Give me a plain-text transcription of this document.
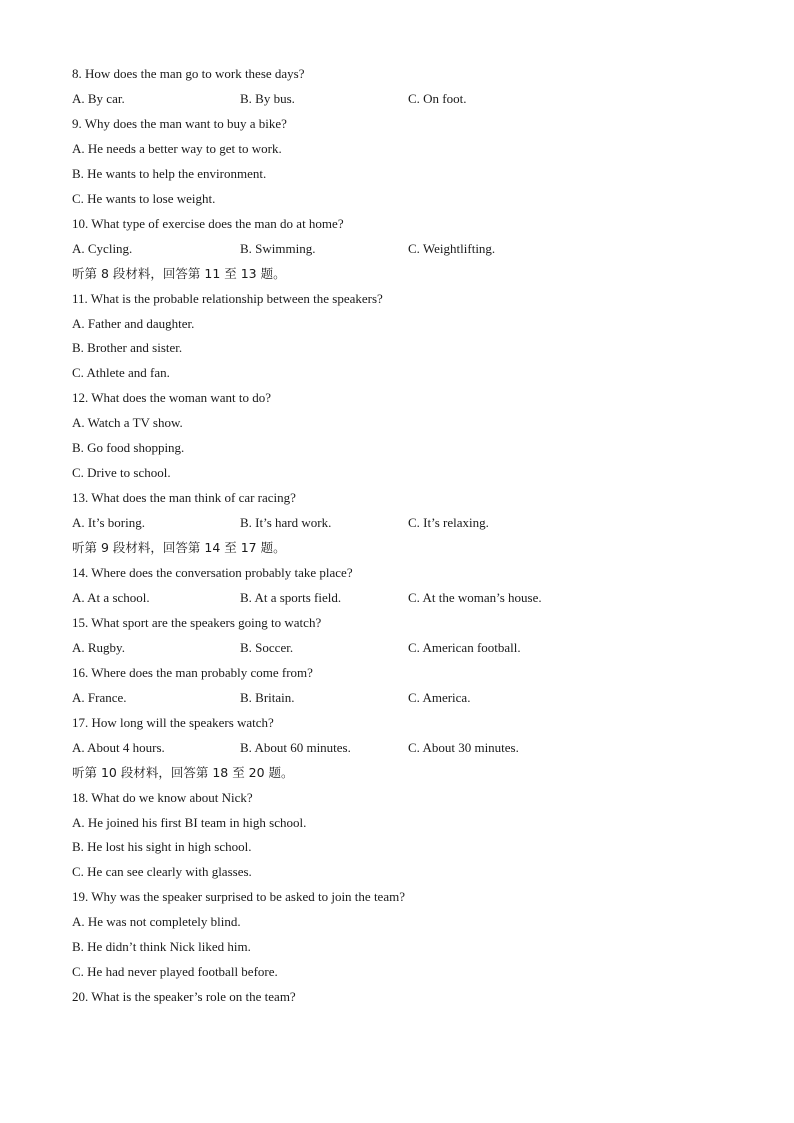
8. How does the man go to work these days?
A. By car.	B. By bus.	C. On foot.
9. Why does the man want to buy a bike?
A. He needs a better way to get to work.
B. He wants to help the environment.
C. He wants to lose weight.
10. What type of exercise does the man do at home?
A. Cycling.	B. Swimming.	C. Weightlifting.
听第 8 段材料，回答第 11 至 13 题。
11. What is the probable relationship between the speakers?
A. Father and daughter.
B. Brother and sister.
C. Athlete and fan.
12. What does the woman want to do?
A. Watch a TV show.
B. Go food shopping.
C. Drive to school.
13. What does the man think of car racing?
A. It’s boring.	B. It’s hard work.	C. It’s relaxing.
听第 9 段材料，回答第 14 至 17 题。
14. Where does the conversation probably take place?
A. At a school.	B. At a sports field.	C. At the woman’s house.
15. What sport are the speakers going to watch?
A. Rugby.	B. Soccer.	C. American football.
16. Where does the man probably come from?
A. France.	B. Britain.	C. America.
17. How long will the speakers watch?
A. About 4 hours.	B. About 60 minutes.	C. About 30 minutes.
听第 10 段材料，回答第 18 至 20 题。
18. What do we know about Nick?
A. He joined his first BI team in high school.
B. He lost his sight in high school.
C. He can see clearly with glasses.
19. Why was the speaker surprised to be asked to join the team?
A. He was not completely blind.
B. He didn’t think Nick liked him.
C. He had never played football before.
20. What is the speaker’s role on the team?
